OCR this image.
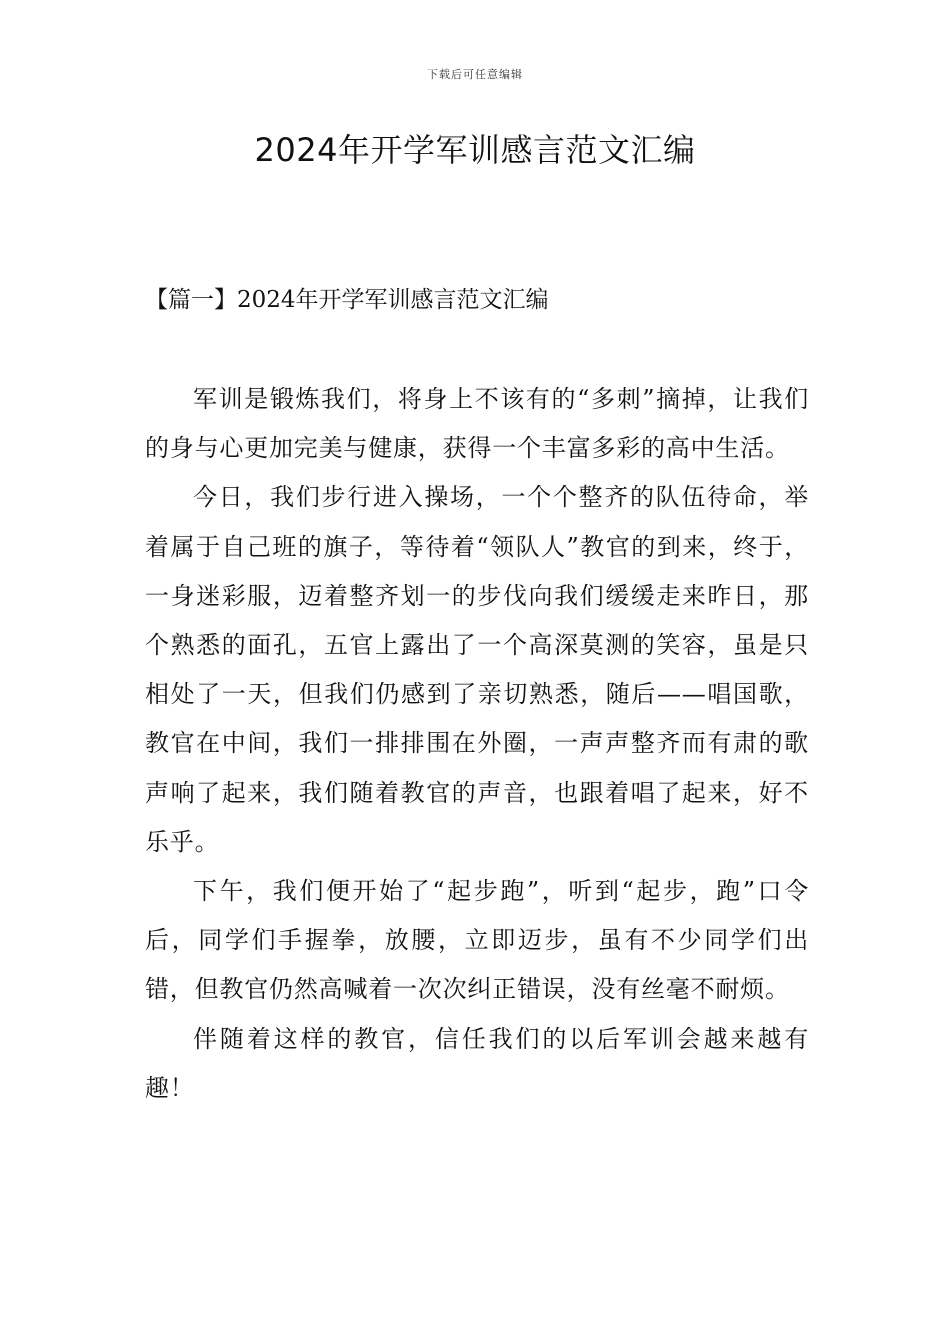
下载后可任意编辑
2024年开学军训感言范文汇编
【篇一】2024年开学军训感言范文汇编

军训是锻炼我们，将身上不该有的“多刺”摘掉，让我们的身与心更加完美与健康，获得一个丰富多彩的高中生活。

今日，我们步行进入操场，一个个整齐的队伍待命，举着属于自己班的旗子，等待着“领队人”教官的到来，终于，一身迷彩服，迈着整齐划一的步伐向我们缓缓走来昨日，那个熟悉的面孔，五官上露出了一个高深莫测的笑容，虽是只相处了一天，但我们仍感到了亲切熟悉，随后——唱国歌，教官在中间，我们一排排围在外圈，一声声整齐而有肃的歌声响了起来，我们随着教官的声音，也跟着唱了起来，好不乐乎。

下午，我们便开始了“起步跑”，听到“起步，跑”口令后，同学们手握拳，放腰，立即迈步，虽有不少同学们出错，但教官仍然高喊着一次次纠正错误，没有丝毫不耐烦。

伴随着这样的教官，信任我们的以后军训会越来越有趣！
